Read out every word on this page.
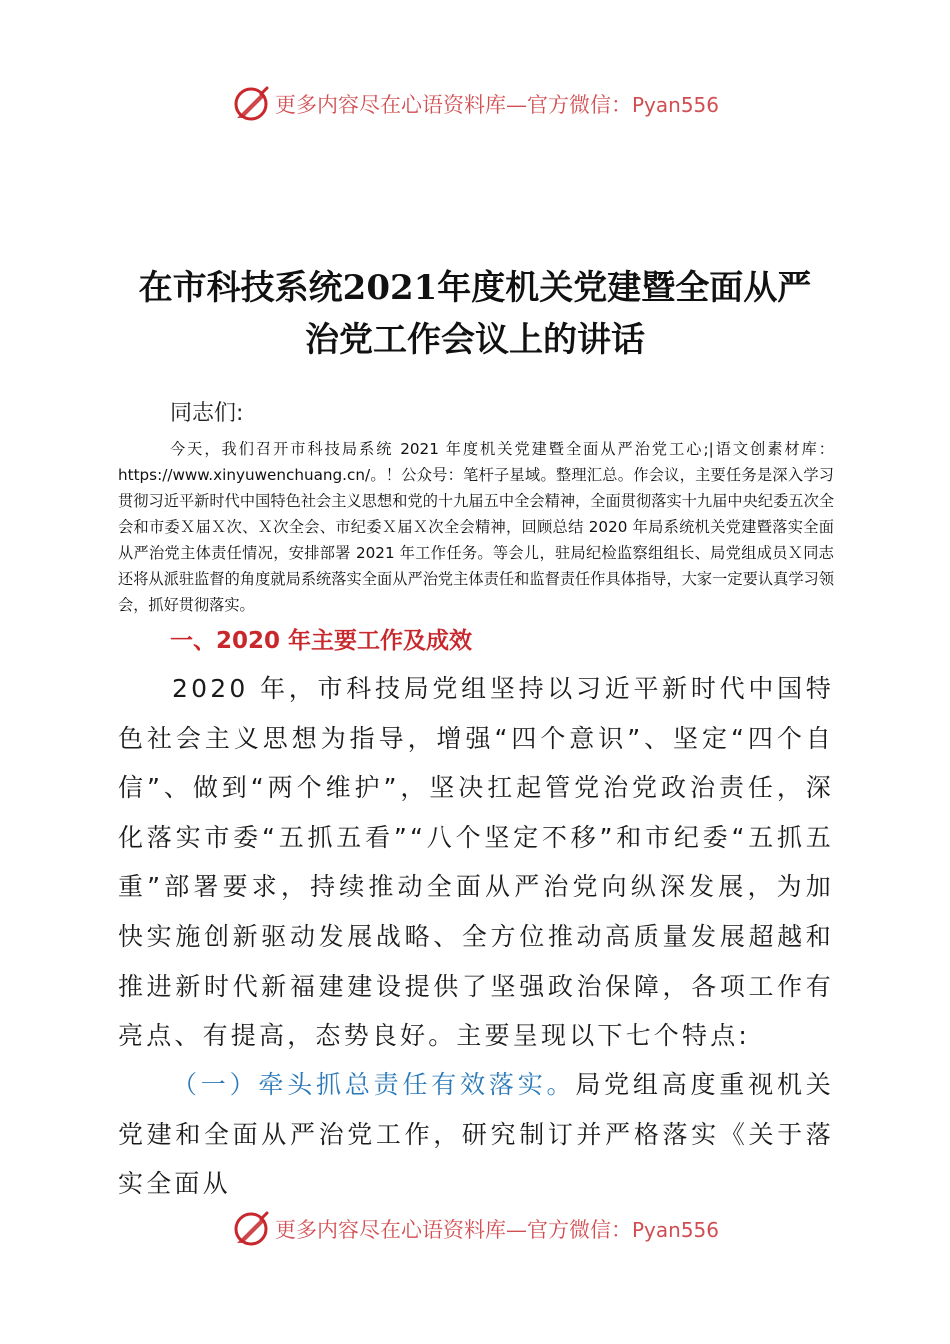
更多内容尽在心语资料库—官方微信：Pyan556
在市科技系统2021年度机关党建暨全面从严
治党工作会议上的讲话
同志们:
今天，我们召开市科技局系统 2021 年度机关党建暨全面从严治党工心;|语文创素材库：https://www.xinyuwenchuang.cn/。！公众号：笔杆子星域。整理汇总。作会议，主要任务是深入学习贯彻习近平新时代中国特色社会主义思想和党的十九届五中全会精神，全面贯彻落实十九届中央纪委五次全会和市委Ｘ届Ｘ次、Ｘ次全会、市纪委Ｘ届Ｘ次全会精神，回顾总结 2020 年局系统机关党建暨落实全面从严治党主体责任情况，安排部署 2021 年工作任务。等会儿，驻局纪检监察组组长、局党组成员Ｘ同志还将从派驻监督的角度就局系统落实全面从严治党主体责任和监督责任作具体指导，大家一定要认真学习领会，抓好贯彻落实。
一、2020 年主要工作及成效
2020 年，市科技局党组坚持以习近平新时代中国特色社会主义思想为指导，增强“四个意识”、坚定“四个自信”、做到“两个维护”，坚决扛起管党治党政治责任，深化落实市委“五抓五看”“八个坚定不移”和市纪委“五抓五重”部署要求，持续推动全面从严治党向纵深发展，为加快实施创新驱动发展战略、全方位推动高质量发展超越和推进新时代新福建建设提供了坚强政治保障，各项工作有亮点、有提高，态势良好。主要呈现以下七个特点:
（一）牵头抓总责任有效落实。局党组高度重视机关党建和全面从严治党工作，研究制订并严格落实《关于落实全面从
更多内容尽在心语资料库—官方微信：Pyan556
